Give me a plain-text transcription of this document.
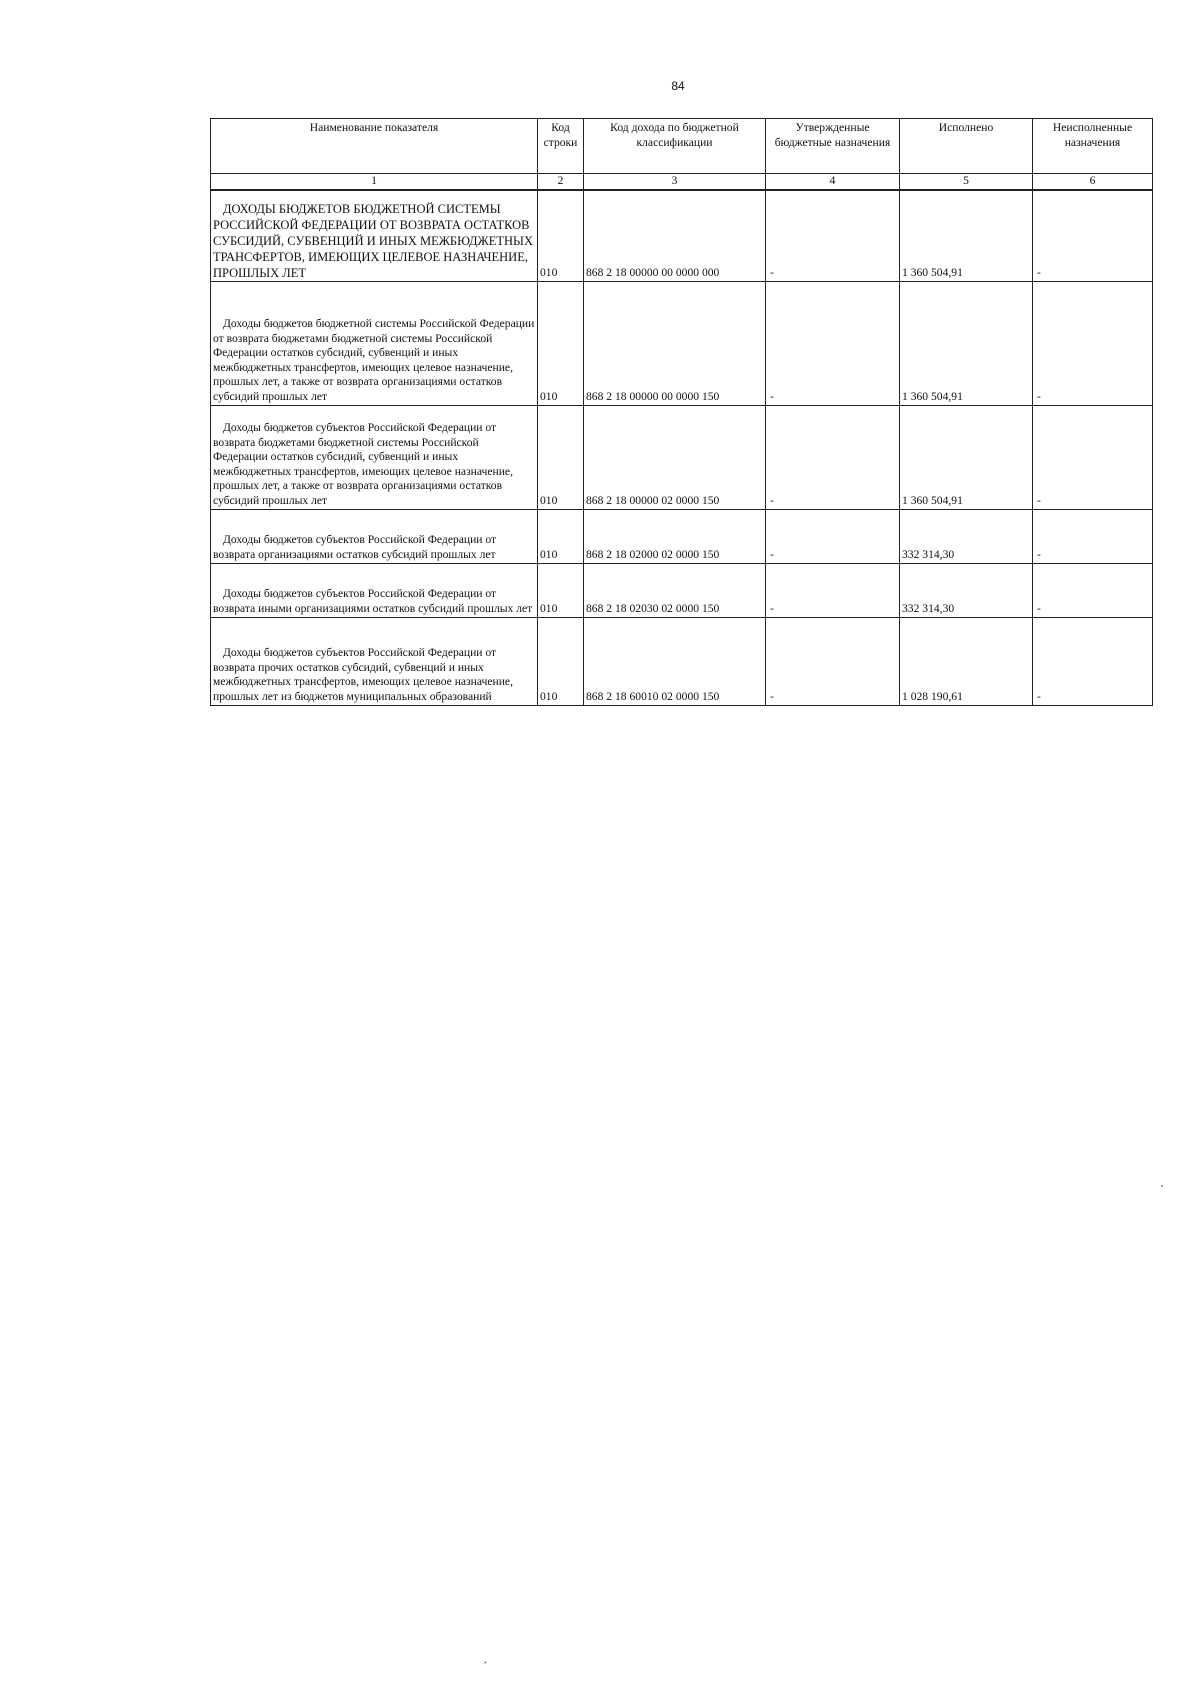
84
Наименование показателя	Код строки	Код дохода по бюджетной классификации	Утвержденные бюджетные назначения	Исполнено	Неисполненные назначения
1	2	3	4	5	6
ДОХОДЫ БЮДЖЕТОВ БЮДЖЕТНОЙ СИСТЕМЫ РОССИЙСКОЙ ФЕДЕРАЦИИ ОТ ВОЗВРАТА ОСТАТКОВ СУБСИДИЙ, СУБВЕНЦИЙ И ИНЫХ МЕЖБЮДЖЕТНЫХ ТРАНСФЕРТОВ, ИМЕЮЩИХ ЦЕЛЕВОЕ НАЗНАЧЕНИЕ, ПРОШЛЫХ ЛЕТ	010	868 2 18 00000 00 0000 000	-	1 360 504,91	-
Доходы бюджетов бюджетной системы Российской Федерации от возврата бюджетами бюджетной системы Российской Федерации остатков субсидий, субвенций и иных межбюджетных трансфертов, имеющих целевое назначение, прошлых лет, а также от возврата организациями остатков субсидий прошлых лет	010	868 2 18 00000 00 0000 150	-	1 360 504,91	-
Доходы бюджетов субъектов Российской Федерации от возврата бюджетами бюджетной системы Российской Федерации остатков субсидий, субвенций и иных межбюджетных трансфертов, имеющих целевое назначение, прошлых лет, а также от возврата организациями остатков субсидий прошлых лет	010	868 2 18 00000 02 0000 150	-	1 360 504,91	-
Доходы бюджетов субъектов Российской Федерации от возврата организациями остатков субсидий прошлых лет	010	868 2 18 02000 02 0000 150	-	332 314,30	-
Доходы бюджетов субъектов Российской Федерации от возврата иными организациями остатков субсидий прошлых лет	010	868 2 18 02030 02 0000 150	-	332 314,30	-
Доходы бюджетов субъектов Российской Федерации от возврата прочих остатков субсидий, субвенций и иных межбюджетных трансфертов, имеющих целевое назначение, прошлых лет из бюджетов муниципальных образований	010	868 2 18 60010 02 0000 150	-	1 028 190,61	-
·
ˏ
